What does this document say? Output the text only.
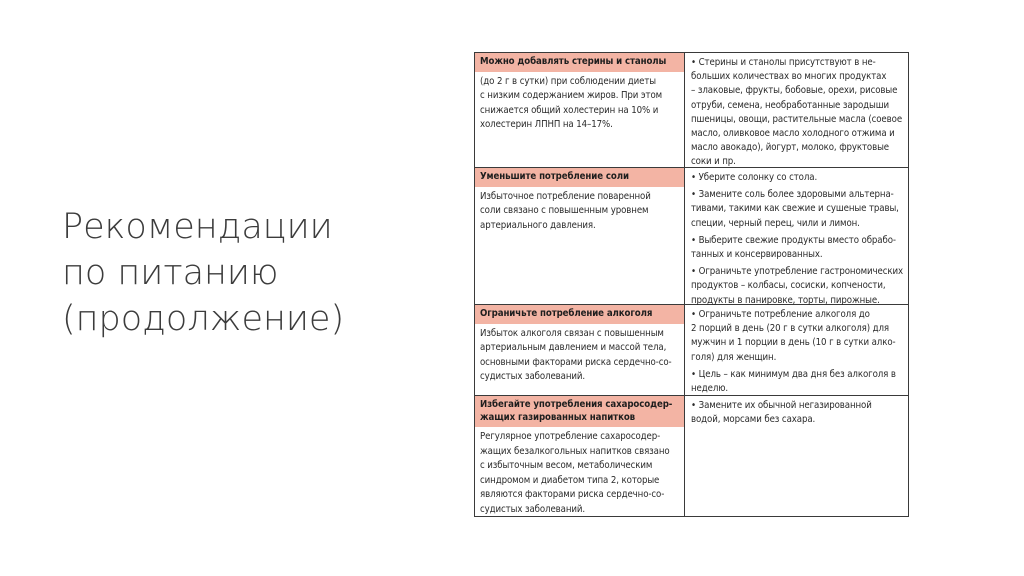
Рекомендации
по питанию
(продолжение)
Можно добавлять стерины и станолы
(до 2 г в сутки) при соблюдении диеты
с низким содержанием жиров. При этом
снижается общий холестерин на 10% и
холестерин ЛПНП на 14–17%.
• Стерины и станолы присутствуют в не-
больших количествах во многих продуктах
– злаковые, фрукты, бобовые, орехи, рисовые
отруби, семена, необработанные зародыши
пшеницы, овощи, растительные масла (соевое
масло, оливковое масло холодного отжима и
масло авокадо), йогурт, молоко, фруктовые
соки и пр.
Уменьшите потребление соли
Избыточное потребление поваренной
соли связано с повышенным уровнем
артериального давления.
• Уберите солонку со стола.
• Замените соль более здоровыми альтерна-
тивами, такими как свежие и сушеные травы,
специи, черный перец, чили и лимон.
• Выберите свежие продукты вместо обрабо-
танных и консервированных.
• Ограничьте употребление гастрономических
продуктов – колбасы, сосиски, копчености,
продукты в панировке, торты, пирожные.
Ограничьте потребление алкоголя
Избыток алкоголя связан с повышенным
артериальным давлением и массой тела,
основными факторами риска сердечно-со-
судистых заболеваний.
• Ограничьте потребление алкоголя до
2 порций в день (20 г в сутки алкоголя) для
мужчин и 1 порции в день (10 г в сутки алко-
голя) для женщин.
• Цель – как минимум два дня без алкоголя в
неделю.
Избегайте употребления сахаросодер-
жащих газированных напитков
Регулярное употребление сахаросодер-
жащих безалкогольных напитков связано
с избыточным весом, метаболическим
синдромом и диабетом типа 2, которые
являются факторами риска сердечно-со-
судистых заболеваний.
• Замените их обычной негазированной
водой, морсами без сахара.
